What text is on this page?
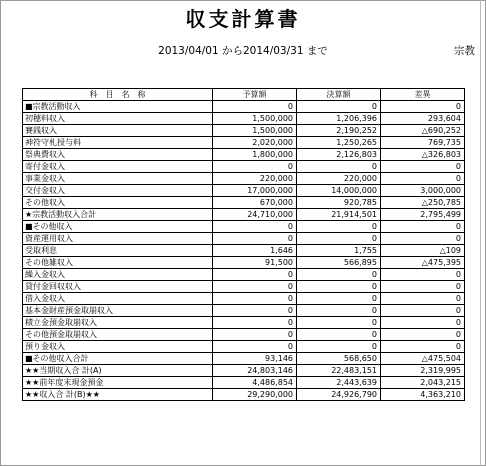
収支計算書
2013/04/01 から2014/03/31 まで	宗教
科　目　名　称	予算額	決算額	差異
■宗教活動収入	0	0	0
初穂料収入	1,500,000	1,206,396	293,604
賽銭収入	1,500,000	2,190,252	△690,252
神符守札授与料	2,020,000	1,250,265	769,735
祭典費収入	1,800,000	2,126,803	△326,803
寄付金収入	0	0	0
事業金収入	220,000	220,000	0
交付金収入	17,000,000	14,000,000	3,000,000
その他収入	670,000	920,785	△250,785
★宗教活動収入合計	24,710,000	21,914,501	2,795,499
■その他収入	0	0	0
資産運用収入	0	0	0
受取利息	1,646	1,755	△109
その他雑収入	91,500	566,895	△475,395
繰入金収入	0	0	0
貸付金回収収入	0	0	0
借入金収入	0	0	0
基本金財産預金取崩収入	0	0	0
積立金預金取崩収入	0	0	0
その他預金取崩収入	0	0	0
預り金収入	0	0	0
■その他収入合計	93,146	568,650	△475,504
★★当期収入合 計(A)	24,803,146	22,483,151	2,319,995
★★前年度末現金預金	4,486,854	2,443,639	2,043,215
★★収入合 計(B)★★	29,290,000	24,926,790	4,363,210
